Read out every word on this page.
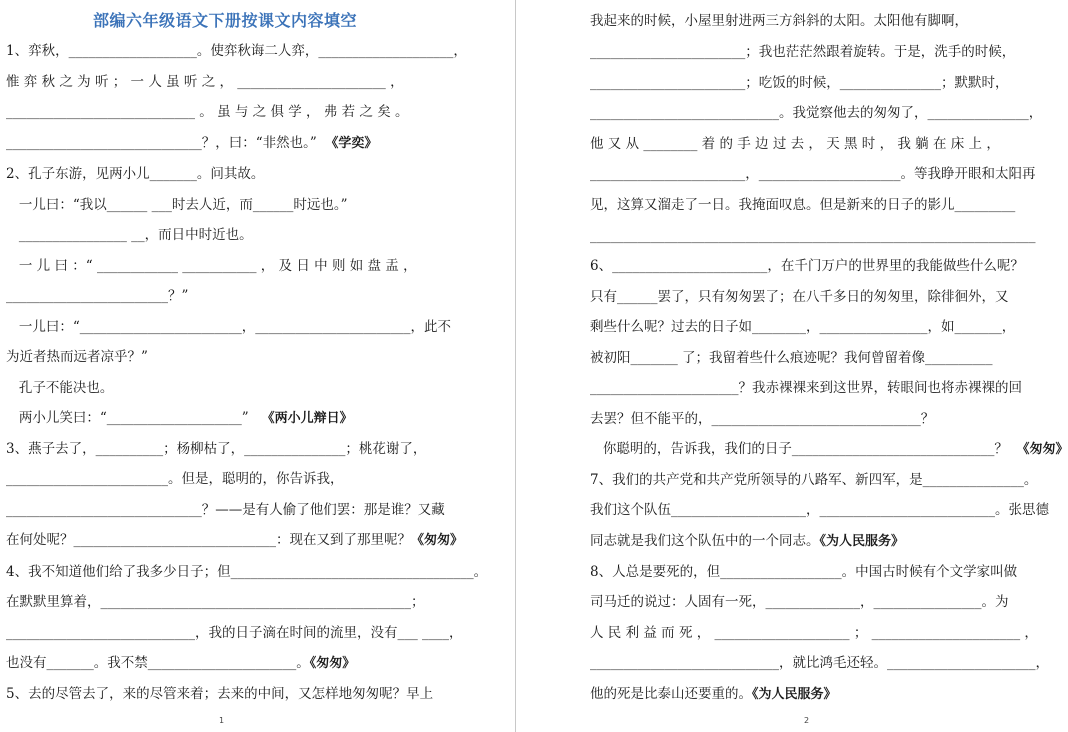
部编六年级语文下册按课文内容填空
1、弈秋，___________________。使弈秋诲二人弈，____________________，
惟 弈 秋 之 为 听 ； 一 人 虽 听 之 ， ______________________ ，
____________________________ 。 虽 与 之 俱 学 ， 弗 若 之 矣 。
_____________________________？，曰：“非然也。” 《学奕》
2、孔子东游，见两小儿_______。问其故。
一儿曰：“我以______ ___时去人近，而______时远也。”
________________ __，而日中时近也。
一 儿 曰 ：“ ____________ ___________ ， 及 日 中 则 如 盘 盂 ，
________________________？”
一儿曰：“________________________，_______________________，此不
为近者热而远者凉乎？”
孔子不能决也。
两小儿笑曰：“____________________” 《两小儿辩日》
3、燕子去了，__________；杨柳枯了，_______________；桃花谢了，
________________________。但是，聪明的，你告诉我，
_____________________________？——是有人偷了他们罢：那是谁？又藏
在何处呢？______________________________：现在又到了那里呢？《匆匆》
4、我不知道他们给了我多少日子；但____________________________________。
在默默里算着，______________________________________________；
____________________________，我的日子滴在时间的流里，没有___ ____，
也没有_______。我不禁______________________。《匆匆》
5、去的尽管去了，来的尽管来着；去来的中间，又怎样地匆匆呢？早上
1
我起来的时候，小屋里射进两三方斜斜的太阳。太阳他有脚啊，
_______________________；我也茫茫然跟着旋转。于是，洗手的时候，
_______________________；吃饭的时候，_______________；默默时，
____________________________。我觉察他去的匆匆了，_______________，
他 又 从 ________ 着 的 手 边 过 去 ， 天 黑 时 ， 我 躺 在 床 上 ，
_______________________，_____________________。等我睁开眼和太阳再
见，这算又溜走了一日。我掩面叹息。但是新来的日子的影儿_________
__________________________________________________________________
6、_______________________，在千门万户的世界里的我能做些什么呢？
只有______罢了，只有匆匆罢了；在八千多日的匆匆里，除徘徊外，又
剩些什么呢？过去的日子如________，________________，如_______，
被初阳_______ 了；我留着些什么痕迹呢？我何曾留着像__________
______________________？我赤裸裸来到这世界，转眼间也将赤裸裸的回
去罢？但不能平的，_______________________________？
你聪明的，告诉我，我们的日子______________________________？ 《匆匆》
7、我们的共产党和共产党所领导的八路军、新四军，是_______________。
我们这个队伍____________________，__________________________。张思德
同志就是我们这个队伍中的一个同志。《为人民服务》
8、人总是要死的，但__________________。中国古时候有个文学家叫做
司马迁的说过：人固有一死，______________，________________。为
人 民 利 益 而 死 ， ____________________ ； ______________________ ，
____________________________，就比鸿毛还轻。______________________，
他的死是比泰山还要重的。《为人民服务》
2
